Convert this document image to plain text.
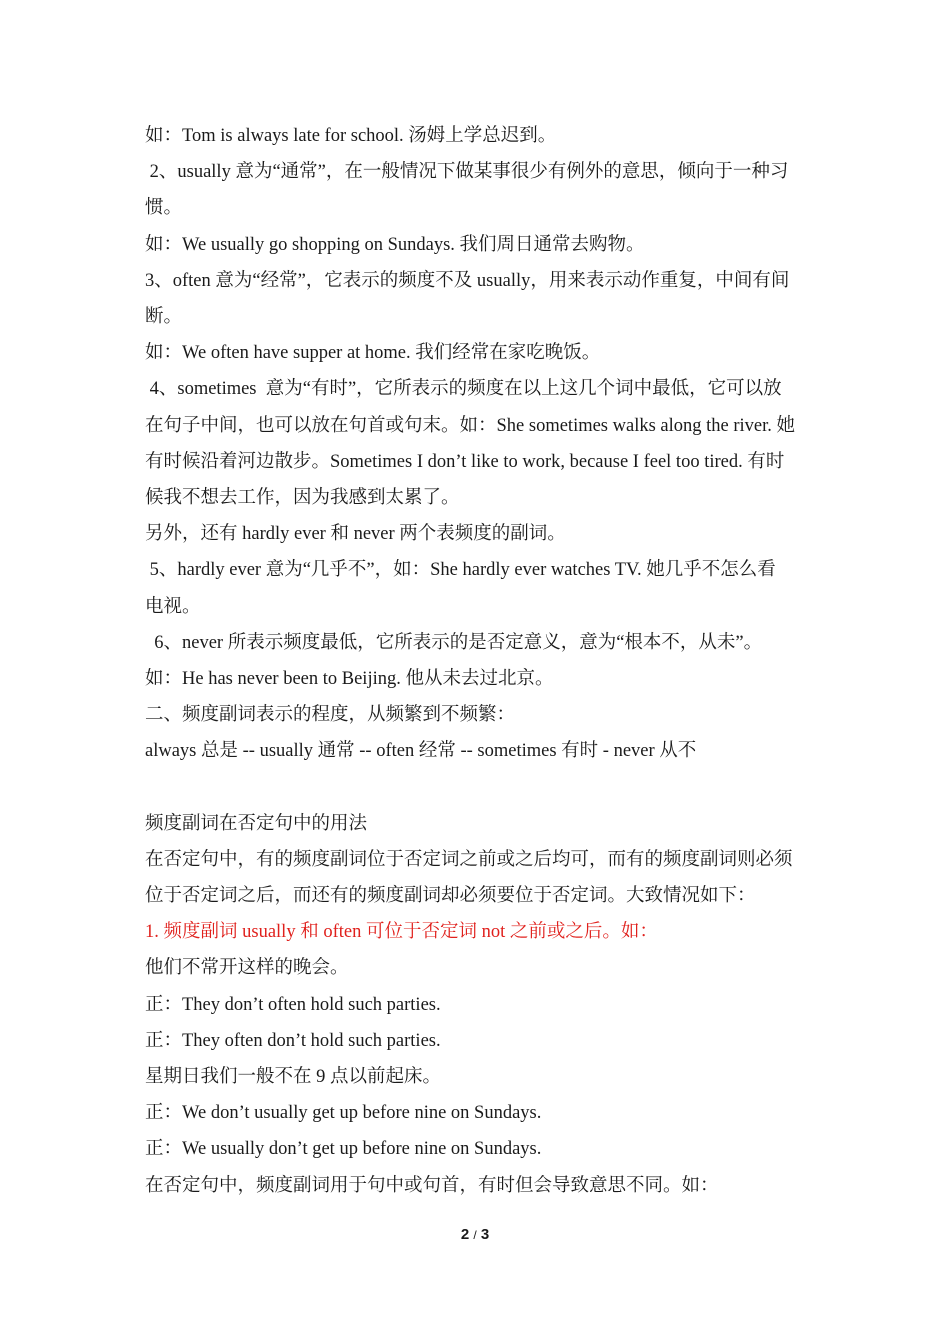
如：Tom is always late for school. 汤姆上学总迟到。
2、usually 意为“通常”，在一般情况下做某事很少有例外的意思，倾向于一种习
惯。
如：We usually go shopping on Sundays. 我们周日通常去购物。
3、often 意为“经常”，它表示的频度不及 usually，用来表示动作重复，中间有间
断。
如：We often have supper at home. 我们经常在家吃晚饭。
4、sometimes  意为“有时”，它所表示的频度在以上这几个词中最低，它可以放
在句子中间，也可以放在句首或句末。如：She sometimes walks along the river. 她
有时候沿着河边散步。Sometimes I don’t like to work, because I feel too tired. 有时
候我不想去工作，因为我感到太累了。
另外，还有 hardly ever 和 never 两个表频度的副词。
5、hardly ever 意为“几乎不”，如：She hardly ever watches TV. 她几乎不怎么看
电视。
6、never 所表示频度最低，它所表示的是否定意义，意为“根本不，从未”。
如：He has never been to Beijing. 他从未去过北京。
二、频度副词表示的程度，从频繁到不频繁：
always 总是 -- usually 通常 -- often 经常 -- sometimes 有时 - never 从不
频度副词在否定句中的用法
在否定句中，有的频度副词位于否定词之前或之后均可，而有的频度副词则必须
位于否定词之后，而还有的频度副词却必须要位于否定词。大致情况如下：
1. 频度副词 usually 和 often 可位于否定词 not 之前或之后。如：
他们不常开这样的晚会。
正：They don’t often hold such parties.
正：They often don’t hold such parties.
星期日我们一般不在 9 点以前起床。
正：We don’t usually get up before nine on Sundays.
正：We usually don’t get up before nine on Sundays.
在否定句中，频度副词用于句中或句首，有时但会导致意思不同。如：
2 / 3
